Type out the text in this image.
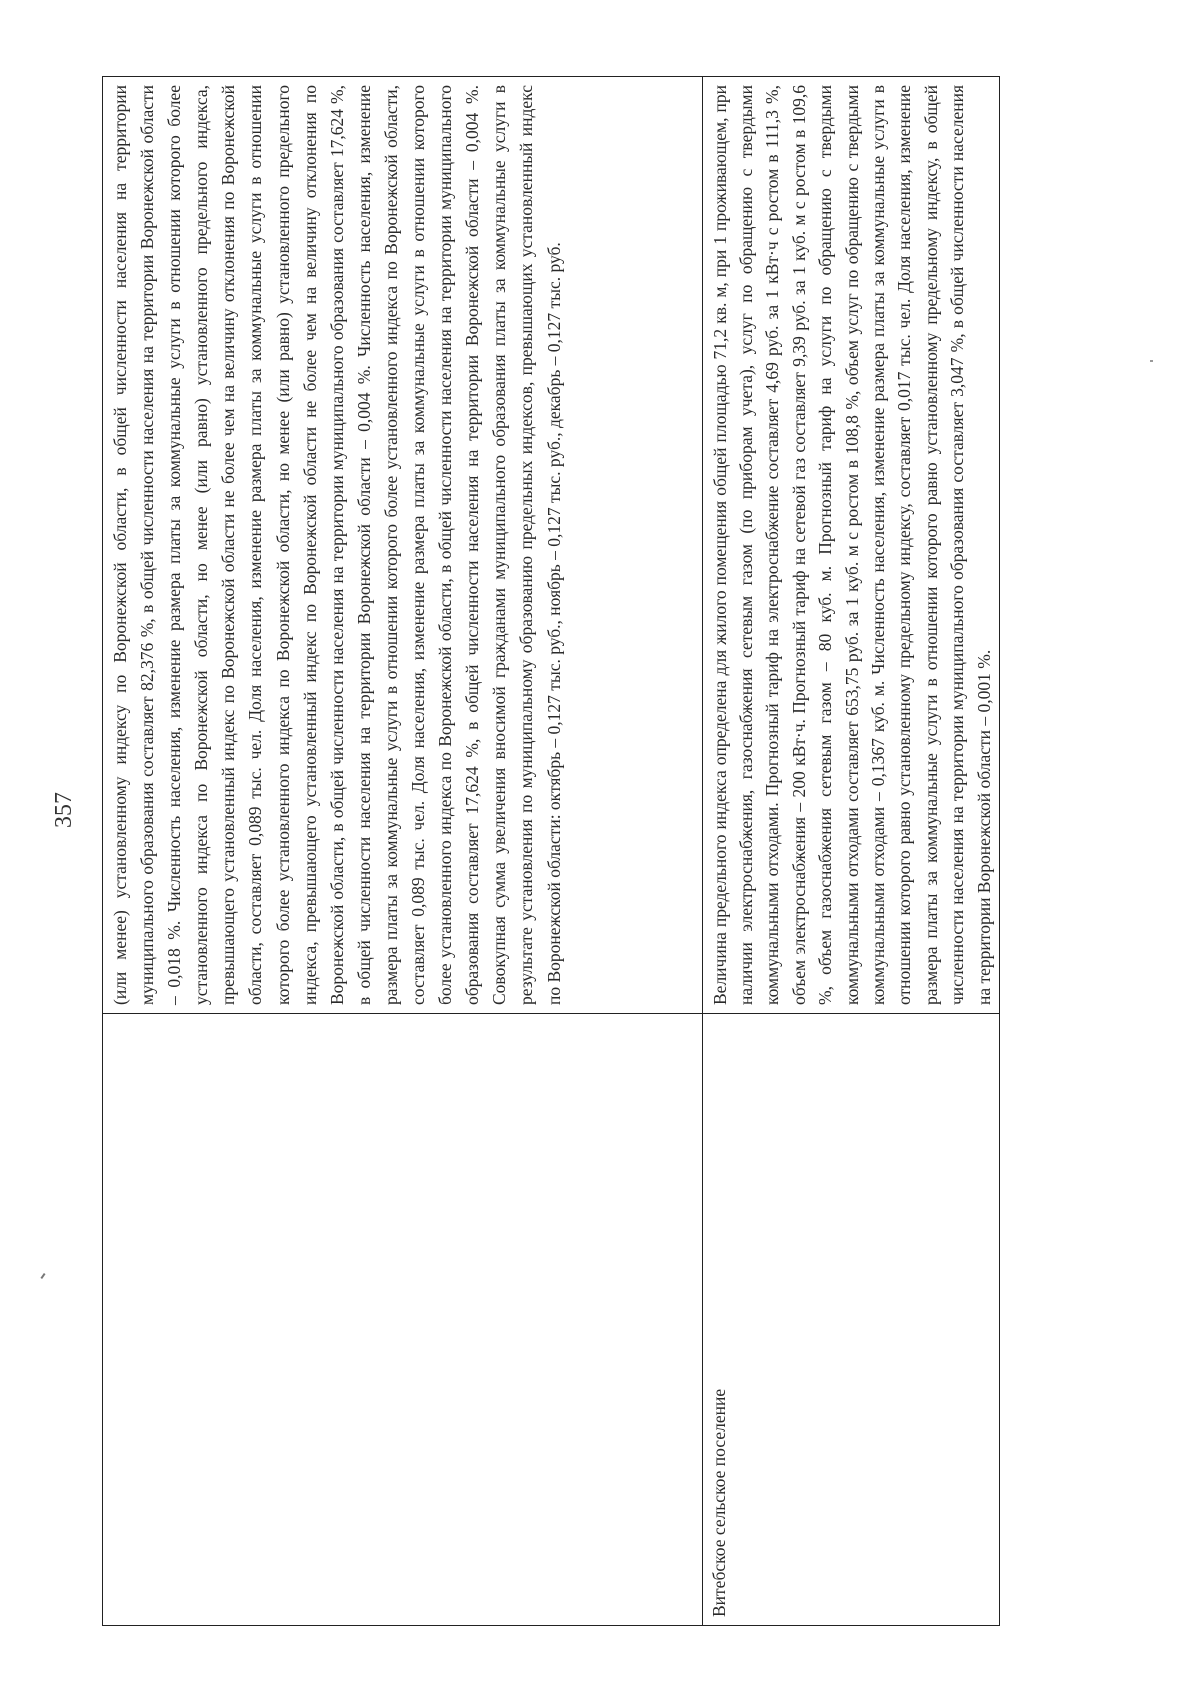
357	(или менее) установленному индексу по Воронежской области, в общей численности населения на территории муниципального образования составляет 82,376 %, в общей численности населения на территории Воронежской области – 0,018 %. Численность населения, изменение размера платы за коммунальные услуги в отношении которого более установленного индекса по Воронежской области, но менее (или равно) установленного предельного индекса, превышающего установленный индекс по Воронежской области не более чем на величину отклонения по Воронежской области, составляет 0,089 тыс. чел. Доля населения, изменение размера платы за коммунальные услуги в отношении которого более установленного индекса по Воронежской области, но менее (или равно) установленного предельного индекса, превышающего установленный индекс по Воронежской области не более чем на величину отклонения по Воронежской области, в общей численности населения на территории муниципального образования составляет 17,624 %, в общей численности населения на территории Воронежской области – 0,004 %. Численность населения, изменение размера платы за коммунальные услуги в отношении которого более установленного индекса по Воронежской области, составляет 0,089 тыс. чел. Доля населения, изменение размера платы за коммунальные услуги в отношении которого более установленного индекса по Воронежской области, в общей численности населения на территории муниципального образования составляет 17,624 %, в общей численности населения на территории Воронежской области – 0,004 %. Совокупная сумма увеличения вносимой гражданами муниципального образования платы за коммунальные услуги в результате установления по муниципальному образованию предельных индексов, превышающих установленный индекс по Воронежской области: октябрь – 0,127 тыс. руб., ноябрь – 0,127 тыс. руб., декабрь – 0,127 тыс. руб.
Витебское сельское поселение
Величина предельного индекса определена для жилого помещения общей площадью 71,2 кв. м, при 1 проживающем, при наличии электроснабжения, газоснабжения сетевым газом (по приборам учета), услуг по обращению с твердыми коммунальными отходами. Прогнозный тариф на электроснабжение составляет 4,69 руб. за 1 кВт·ч с ростом в 111,3 %, объем электроснабжения – 200 кВт·ч. Прогнозный тариф на сетевой газ составляет 9,39 руб. за 1 куб. м с ростом в 109,6 %, объем газоснабжения сетевым газом – 80 куб. м. Прогнозный тариф на услуги по обращению с твердыми коммунальными отходами составляет 653,75 руб. за 1 куб. м с ростом в 108,8 %, объем услуг по обращению с твердыми коммунальными отходами – 0,1367 куб. м. Численность населения, изменение размера платы за коммунальные услуги в отношении которого равно установленному предельному индексу, составляет 0,017 тыс. чел. Доля населения, изменение размера платы за коммунальные услуги в отношении которого равно установленному предельному индексу, в общей численности населения на территории муниципального образования составляет 3,047 %, в общей численности населения на территории Воронежской области – 0,001 %.
